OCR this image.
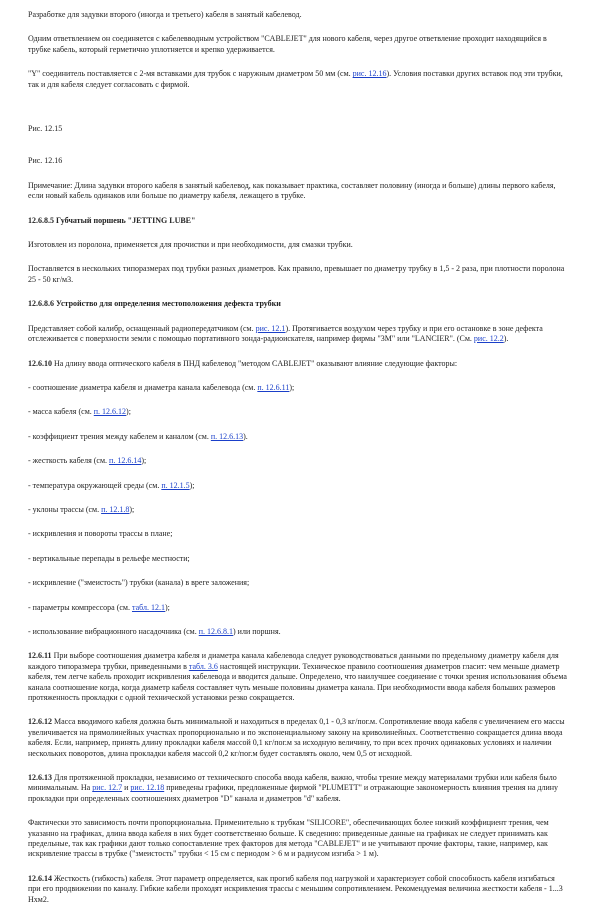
Разработке для задувки второго (иногда и третьего) кабеля в занятый кабелевод.

Одним ответвлением он соединяется с кабелевводным устройством "CABLEJET" для нового кабеля, через другое ответвление проходит находящийся в трубке кабель, который герметично уплотняется и крепко удерживается.

"Y" соединитель поставляется с 2-мя вставками для трубок с наружным диаметром 50 мм (см. рис. 12.16). Условия поставки других вставок под эти трубки, так и для кабеля следует согласовать с фирмой.

Рис. 12.15

Рис. 12.16

Примечание: Длина задувки второго кабеля в занятый кабелевод, как показывает практика, составляет половину (иногда и больше) длины первого кабеля, если новый кабель одинаков или больше по диаметру кабеля, лежащего в трубке.

12.6.8.5 Губчатый поршень "JETTING LUBE"

Изготовлен из поролона, применяется для прочистки и при необходимости, для смазки трубки.

Поставляется в нескольких типоразмерах под трубки разных диаметров. Как правило, превышает по диаметру трубку в 1,5 - 2 раза, при плотности поролона 25 - 50 кг/м3.

12.6.8.6 Устройство для определения местоположения дефекта трубки

Представляет собой калибр, оснащенный радиопередатчиком (см. рис. 12.1). Протягивается воздухом через трубку и при его остановке в зоне дефекта отслеживается с поверхности земли с помощью портативного зонда-радиоискателя, например фирмы "3М" или "LANCIER". (См. рис. 12.2).

12.6.10 На длину ввода оптического кабеля в ПНД кабелевод "методом CABLEJET" оказывают влияние следующие факторы:

- соотношение диаметра кабеля и диаметра канала кабелевода (см. п. 12.6.11);

- масса кабеля (см. п. 12.6.12);

- коэффициент трения между кабелем и каналом (см. п. 12.6.13).

- жесткость кабеля (см. п. 12.6.14);

- температура окружающей среды (см. п. 12.1.5);

- уклоны трассы (см. п. 12.1.8);

- искривления и повороты трассы в плане;

- вертикальные перепады в рельефе местности;

- искривление ("змеистость") трубки (канала) в вреге заложения;

- параметры компрессора (см. табл. 12.1);

- использование вибрационного насадочника (см. п. 12.6.8.1) или поршня.

12.6.11 При выборе соотношения диаметра кабеля и диаметра канала кабелевода следует руководствоваться данными по предельному диаметру кабеля для каждого типоразмера трубки, приведенными в табл. 3.6 настоящей инструкции. Техническое правило соотношения диаметров гласит: чем меньше диаметр кабеля, тем легче кабель проходит искривления кабелевода и вводится дальше. Определено, что наилучшее соединение с точки зрения использования объема канала соотношение когда, когда диаметр кабеля составляет чуть меньше половины диаметра канала. При необходимости ввода кабеля больших размеров протяженность прокладки с одной технической установки резко сокращается.

12.6.12 Масса вводимого кабеля должна быть минимальной и находиться в пределах 0,1 - 0,3 кг/пог.м. Сопротивление ввода кабеля с увеличением его массы увеличивается на прямолинейных участках пропорционально и по экспоненциальному закону на криволинейных. Соответственно сокращается длина ввода кабеля. Если, например, принять длину прокладки кабеля массой 0,1 кг/пог.м за исходную величину, то при всех прочих одинаковых условиях и наличии нескольких поворотов, длина прокладки кабеля массой 0,2 кг/пог.м будет составлять около, чем 0,5 от исходной.

12.6.13 Для протяженной прокладки, независимо от технического способа ввода кабеля, важно, чтобы трение между материалами трубки или кабеля было минимальным. На рис. 12.7 и рис. 12.18 приведены графики, предложенные фирмой "PLUMETT" и отражающие закономерность влияния трения на длину прокладки при определенных соотношениях диаметров "D" канала и диаметров "d" кабеля.

Фактически это зависимость почти пропорциональна. Применительно к трубкам "SILICORE", обеспечивающих более низкий коэффициент трения, чем указанно на графиках, длина ввода кабеля в них будет соответственно больше. К сведению: приведенные данные на графиках не следует принимать как предельные, так как графики дают только сопоставление трех факторов для метода "CABLEJET" и не учитывают прочие факторы, такие, например, как искривление трассы в трубке ("змеистость" трубки < 15 см с периодом > 6 м и радиусом изгиба > 1 м).

12.6.14 Жесткость (гибкость) кабеля. Этот параметр определяется, как прогиб кабеля под нагрузкой и характеризует собой способность кабеля изгибаться при его продвижении по каналу. Гибкие кабели проходят искривления трассы с меньшим сопротивлением. Рекомендуемая величина жесткости кабеля - 1...3 Нхм2.
